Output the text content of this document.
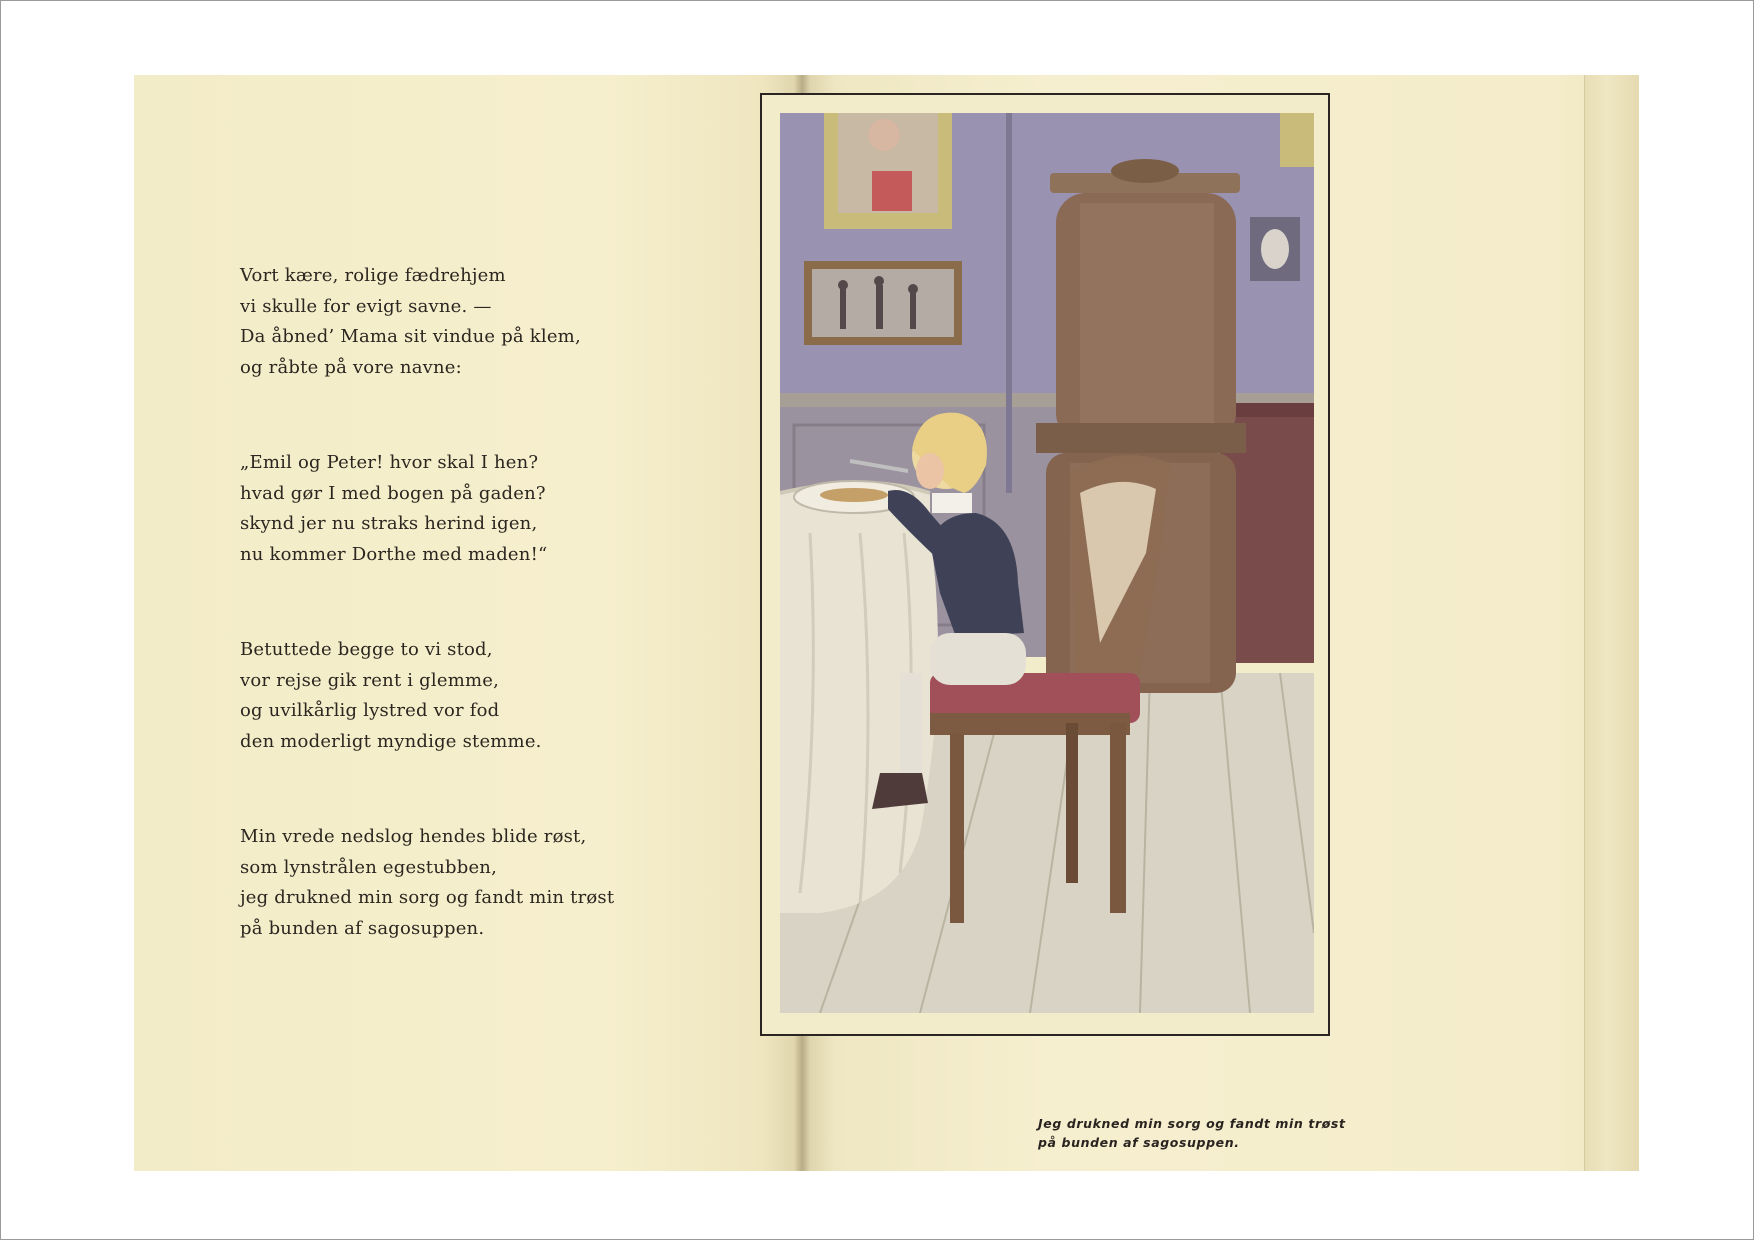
Vort kære, rolige fædrehjem
vi skulle for evigt savne. —
Da åbned’ Mama sit vindue på klem,
og råbte på vore navne:
„Emil og Peter! hvor skal I hen?
hvad gør I med bogen på gaden?
skynd jer nu straks herind igen,
nu kommer Dorthe med maden!“
Betuttede begge to vi stod,
vor rejse gik rent i glemme,
og uvilkårlig lystred vor fod
den moderligt myndige stemme.
Min vrede nedslog hendes blide røst,
som lynstrålen egestubben,
jeg drukned min sorg og fandt min trøst
på bunden af sagosuppen.
Jeg drukned min sorg og fandt min trøst
på bunden af sagosuppen.
